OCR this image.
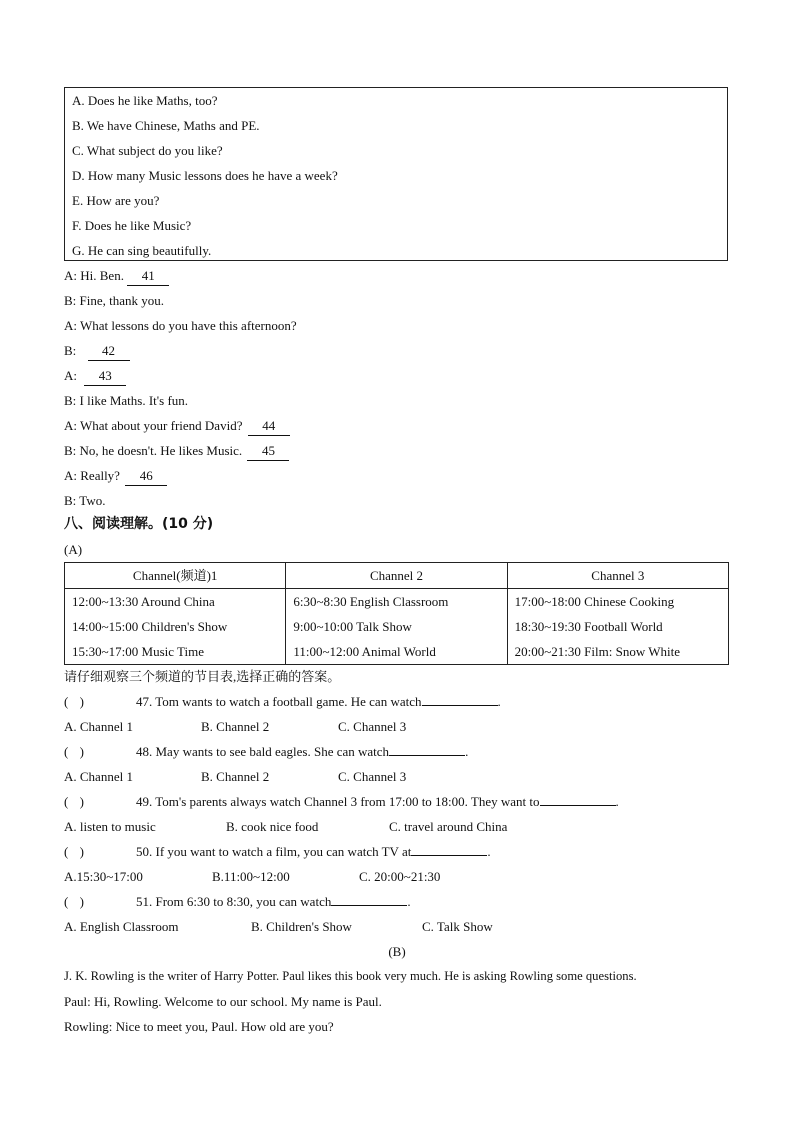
A. Does he like Maths, too?
B. We have Chinese, Maths and PE.
C. What subject do you like?
D. How many Music lessons does he have a week?
E. How are you?
F. Does he like Music?
G. He can sing beautifully.
A: Hi. Ben. 41
B: Fine, thank you.
A: What lessons do you have this afternoon?
B: 42
A: 43
B: I like Maths. It's fun.
A: What about your friend David? 44
B: No, he doesn't. He likes Music. 45
A: Really? 46
B: Two.
八、阅读理解。(10 分)
(A)
Channel(频道)1	Channel 2	Channel 3
12:00~13:30 Around China	6:30~8:30 English Classroom	17:00~18:00 Chinese Cooking
14:00~15:00 Children's Show	9:00~10:00 Talk Show	18:30~19:30 Football World
15:30~17:00 Music Time	11:00~12:00 Animal World	20:00~21:30 Film: Snow White
请仔细观察三个频道的节目表,选择正确的答案。
( )	47. Tom wants to watch a football game. He can watch	.
A. Channel 1	B. Channel 2	C. Channel 3
( )	48. May wants to see bald eagles. She can watch	.
A. Channel 1	B. Channel 2	C. Channel 3
( )	49. Tom's parents always watch Channel 3 from 17:00 to 18:00. They want to	.
A. listen to music	B. cook nice food	C. travel around China
( )	50. If you want to watch a film, you can watch TV at	.
A.15:30~17:00	B.11:00~12:00	C. 20:00~21:30
( )	51. From 6:30 to 8:30, you can watch	.
A. English Classroom	B. Children's Show	C. Talk Show
(B)
J. K. Rowling is the writer of Harry Potter. Paul likes this book very much. He is asking Rowling some questions.
Paul: Hi, Rowling. Welcome to our school. My name is Paul.
Rowling: Nice to meet you, Paul. How old are you?
